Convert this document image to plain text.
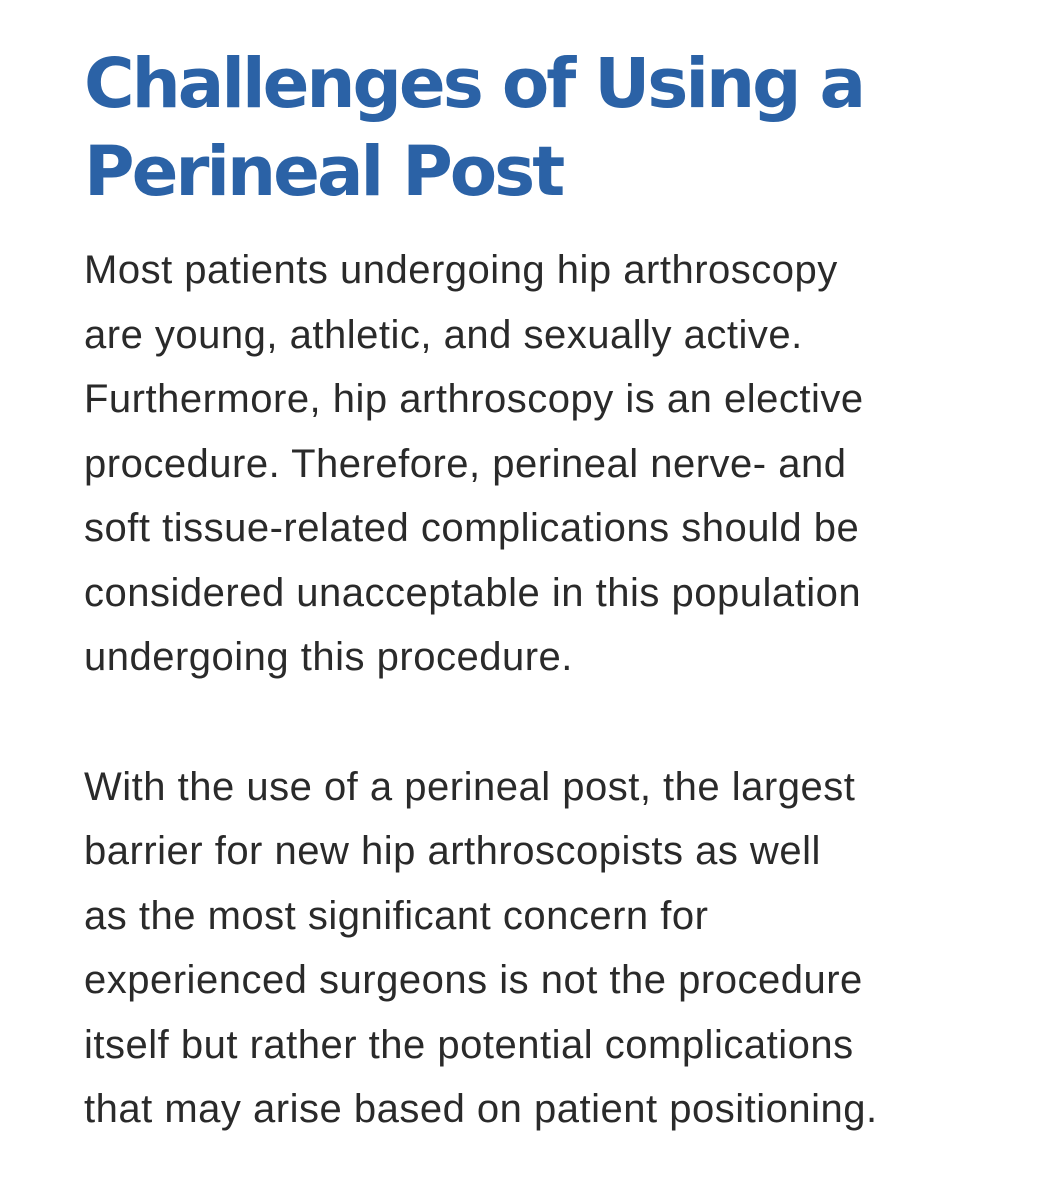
Challenges of Using a
Perineal Post

Most patients undergoing hip arthroscopy
are young, athletic, and sexually active.
Furthermore, hip arthroscopy is an elective
procedure. Therefore, perineal nerve- and
soft tissue-related complications should be
considered unacceptable in this population
undergoing this procedure.

With the use of a perineal post, the largest
barrier for new hip arthroscopists as well
as the most significant concern for
experienced surgeons is not the procedure
itself but rather the potential complications
that may arise based on patient positioning.
